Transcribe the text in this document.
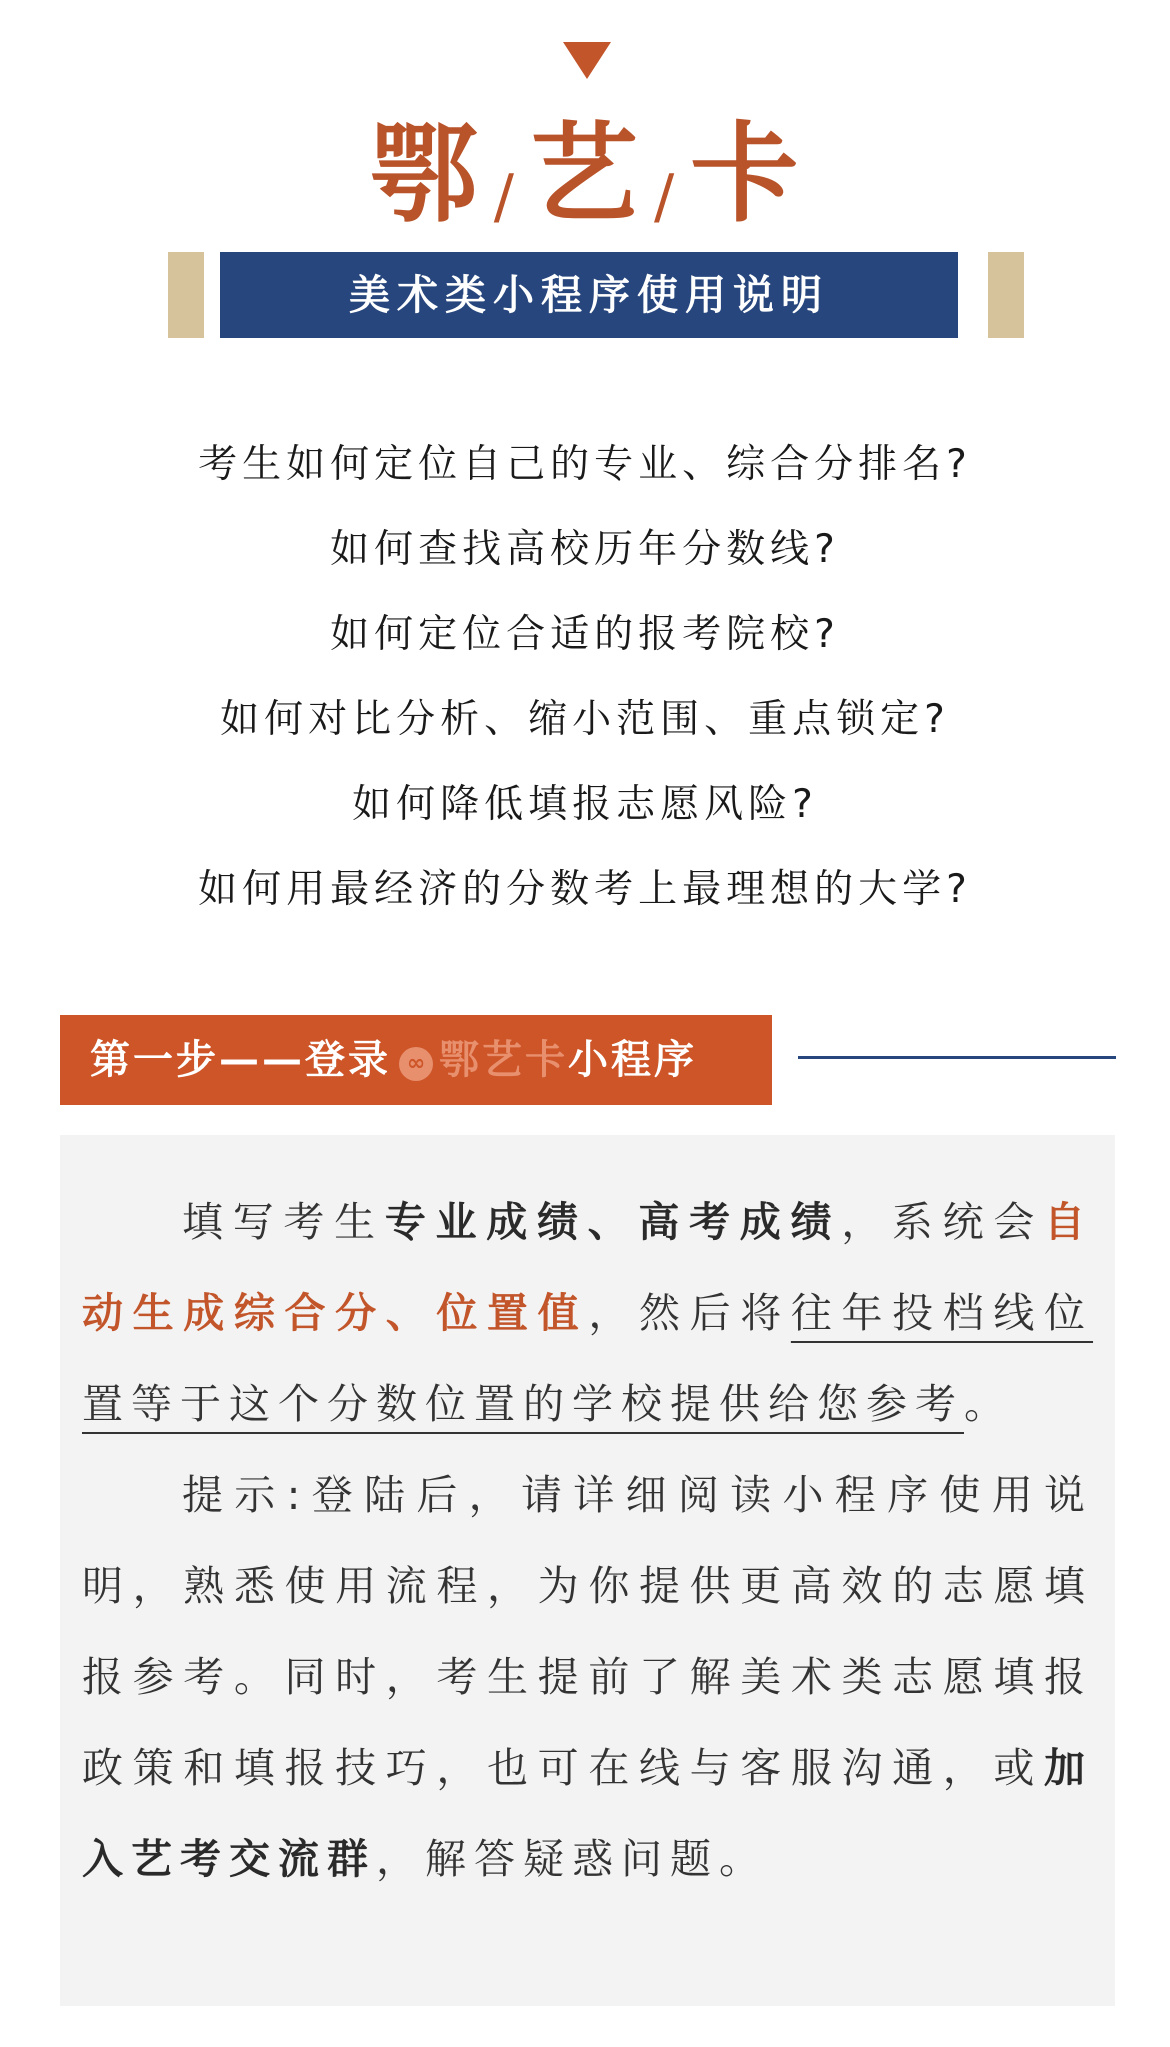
鄂 / 艺 / 卡
美术类小程序使用说明
考生如何定位自己的专业、综合分排名?
如何查找高校历年分数线?
如何定位合适的报考院校?
如何对比分析、缩小范围、重点锁定?
如何降低填报志愿风险?
如何用最经济的分数考上最理想的大学?
第一步——登录 ∞ 鄂艺卡小程序

填写考生专业成绩、高考成绩，系统会自动生成综合分、位置值，然后将往年投档线位置等于这个分数位置的学校提供给您参考。

提示:登陆后，请详细阅读小程序使用说明，熟悉使用流程，为你提供更高效的志愿填报参考。同时，考生提前了解美术类志愿填报政策和填报技巧，也可在线与客服沟通，或加入艺考交流群，解答疑惑问题。
